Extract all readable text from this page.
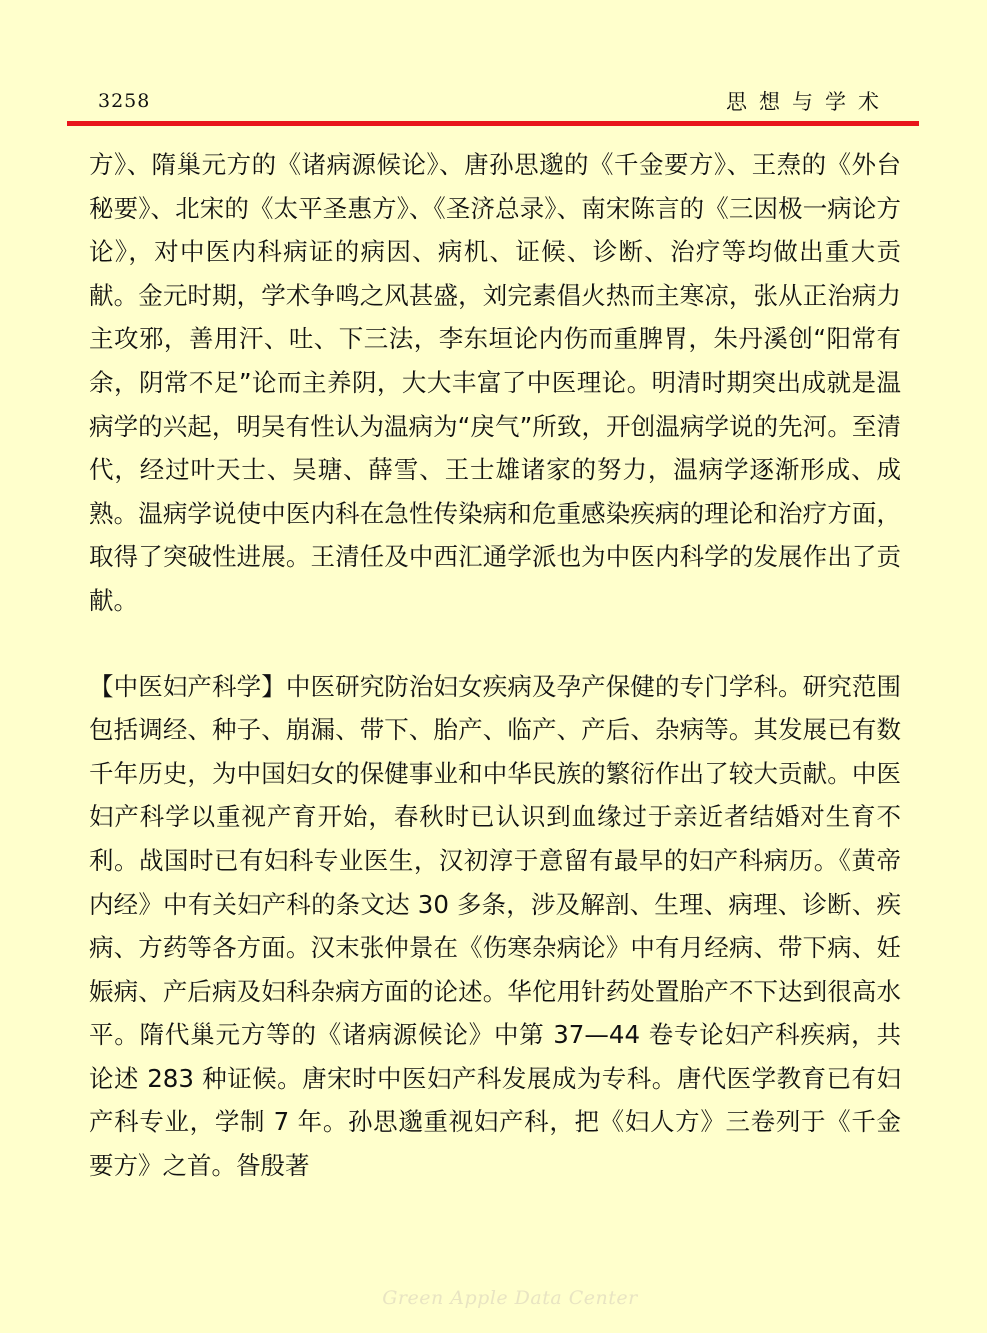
3258	思想与学术

方》、隋巢元方的《诸病源候论》、唐孙思邈的《千金要方》、王焘的《外台秘要》、北宋的《太平圣惠方》、《圣济总录》、南宋陈言的《三因极一病论方论》，对中医内科病证的病因、病机、证候、诊断、治疗等均做出重大贡献。金元时期，学术争鸣之风甚盛，刘完素倡火热而主寒凉，张从正治病力主攻邪，善用汗、吐、下三法，李东垣论内伤而重脾胃，朱丹溪创“阳常有余，阴常不足”论而主养阴，大大丰富了中医理论。明清时期突出成就是温病学的兴起，明吴有性认为温病为“戾气”所致，开创温病学说的先河。至清代，经过叶天士、吴瑭、薛雪、王士雄诸家的努力，温病学逐渐形成、成熟。温病学说使中医内科在急性传染病和危重感染疾病的理论和治疗方面，取得了突破性进展。王清任及中西汇通学派也为中医内科学的发展作出了贡献。

【中医妇产科学】中医研究防治妇女疾病及孕产保健的专门学科。研究范围包括调经、种子、崩漏、带下、胎产、临产、产后、杂病等。其发展已有数千年历史，为中国妇女的保健事业和中华民族的繁衍作出了较大贡献。中医妇产科学以重视产育开始，春秋时已认识到血缘过于亲近者结婚对生育不利。战国时已有妇科专业医生，汉初淳于意留有最早的妇产科病历。《黄帝内经》中有关妇产科的条文达 30 多条，涉及解剖、生理、病理、诊断、疾病、方药等各方面。汉末张仲景在《伤寒杂病论》中有月经病、带下病、妊娠病、产后病及妇科杂病方面的论述。华佗用针药处置胎产不下达到很高水平。隋代巢元方等的《诸病源候论》中第 37—44 卷专论妇产科疾病，共论述 283 种证候。唐宋时中医妇产科发展成为专科。唐代医学教育已有妇产科专业，学制 7 年。孙思邈重视妇产科，把《妇人方》三卷列于《千金要方》之首。昝殷著

Green Apple Data Center
